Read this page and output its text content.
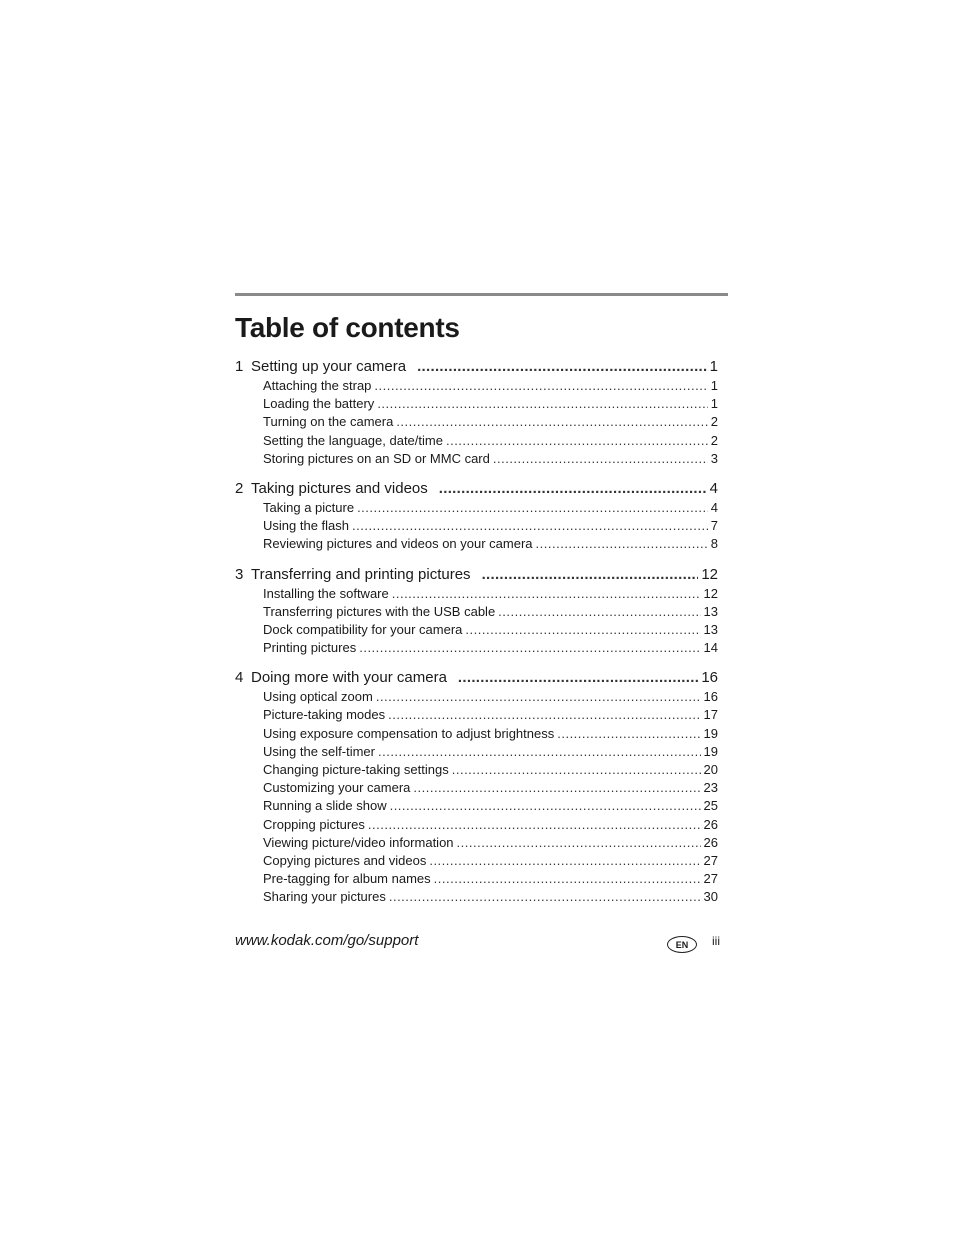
Table of contents
1 Setting up your camera .....	1
Attaching the strap .....	1
Loading the battery .....	1
Turning on the camera .....	2
Setting the language, date/time .....	2
Storing pictures on an SD or MMC card .....	3
2 Taking pictures and videos .....	4
Taking a picture .....	4
Using the flash .....	7
Reviewing pictures and videos on your camera .....	8
3 Transferring and printing pictures .....	12
Installing the software .....	12
Transferring pictures with the USB cable .....	13
Dock compatibility for your camera .....	13
Printing pictures .....	14
4 Doing more with your camera .....	16
Using optical zoom .....	16
Picture-taking modes .....	17
Using exposure compensation to adjust brightness .....	19
Using the self-timer .....	19
Changing picture-taking settings .....	20
Customizing your camera .....	23
Running a slide show .....	25
Cropping pictures .....	26
Viewing picture/video information .....	26
Copying pictures and videos .....	27
Pre-tagging for album names .....	27
Sharing your pictures .....	30
www.kodak.com/go/support	EN	iii
